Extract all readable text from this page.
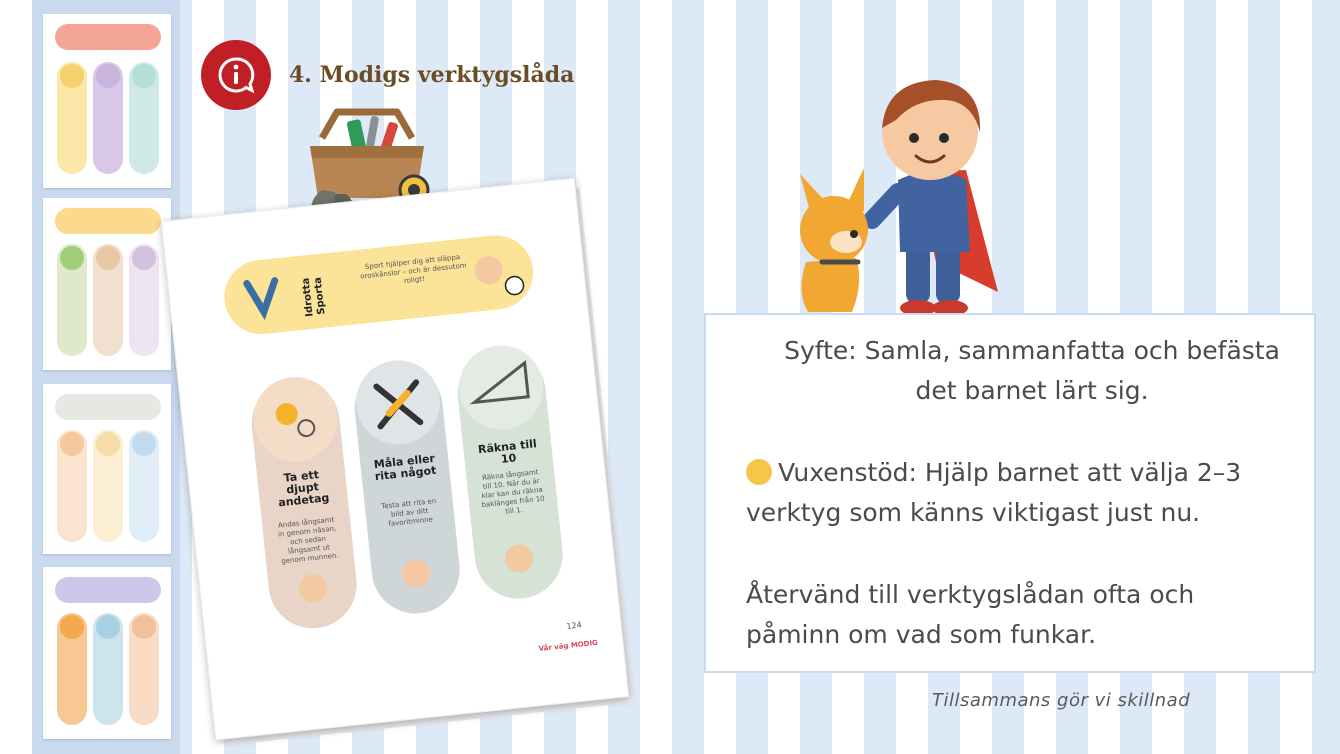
4. Modigs verktygslåda
Idrotta Sporta
Sport hjälper dig att släppa oroskänslor – och är dessutom roligt!
Ta ett djupt andetag
Andas långsamt in genom näsan, och sedan långsamt ut genom munnen.
Måla eller rita något
Testa att rita en bild av ditt favoritminne
Räkna till 10
Räkna långsamt till 10. När du är klar kan du räkna baklänges från 10 till 1.
124
Vår väg MODIG

Syfte: Samla, sammanfatta och befästa det barnet lärt sig.

Vuxenstöd: Hjälp barnet att välja 2–3 verktyg som känns viktigast just nu.

Återvänd till verktygslådan ofta och påminn om vad som funkar.

Tillsammans gör vi skillnad
